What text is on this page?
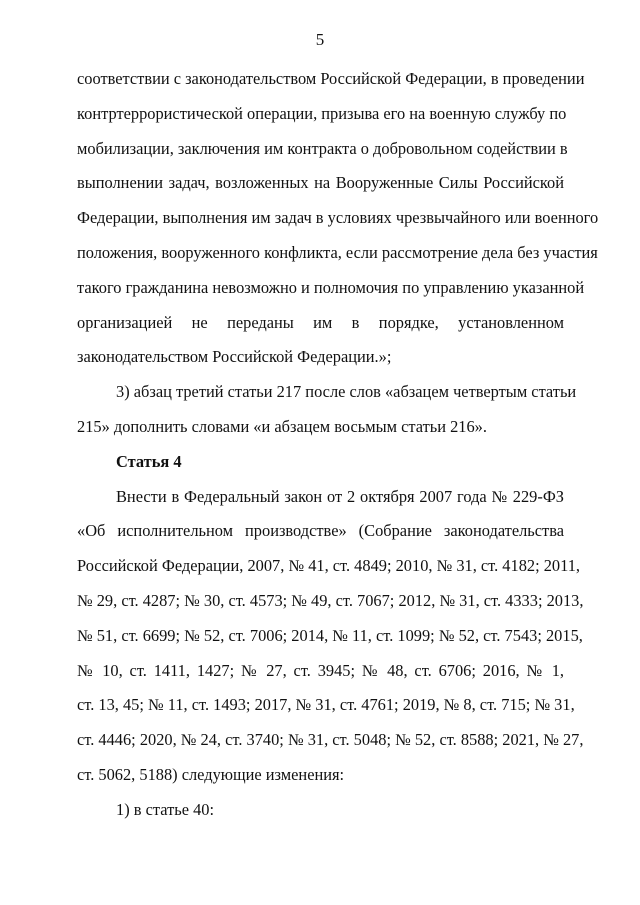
5
соответствии с законодательством Российской Федерации, в проведении
контртеррористической операции, призыва его на военную службу по
мобилизации, заключения им контракта о добровольном содействии в
выполнении задач, возложенных на Вооруженные Силы Российской
Федерации, выполнения им задач в условиях чрезвычайного или военного
положения, вооруженного конфликта, если рассмотрение дела без участия
такого гражданина невозможно и полномочия по управлению указанной
организацией не переданы им в порядке, установленном
законодательством Российской Федерации.»;
3) абзац третий статьи 217 после слов «абзацем четвертым статьи
215» дополнить словами «и абзацем восьмым статьи 216».
Статья 4
Внести в Федеральный закон от 2 октября 2007 года № 229-ФЗ
«Об исполнительном производстве» (Собрание законодательства
Российской Федерации, 2007, № 41, ст. 4849; 2010, № 31, ст. 4182; 2011,
№ 29, ст. 4287; № 30, ст. 4573; № 49, ст. 7067; 2012, № 31, ст. 4333; 2013,
№ 51, ст. 6699; № 52, ст. 7006; 2014, № 11, ст. 1099; № 52, ст. 7543; 2015,
№ 10, ст. 1411, 1427; № 27, ст. 3945; № 48, ст. 6706; 2016, № 1,
ст. 13, 45; № 11, ст. 1493; 2017, № 31, ст. 4761; 2019, № 8, ст. 715; № 31,
ст. 4446; 2020, № 24, ст. 3740; № 31, ст. 5048; № 52, ст. 8588; 2021, № 27,
ст. 5062, 5188) следующие изменения:
1) в статье 40:
